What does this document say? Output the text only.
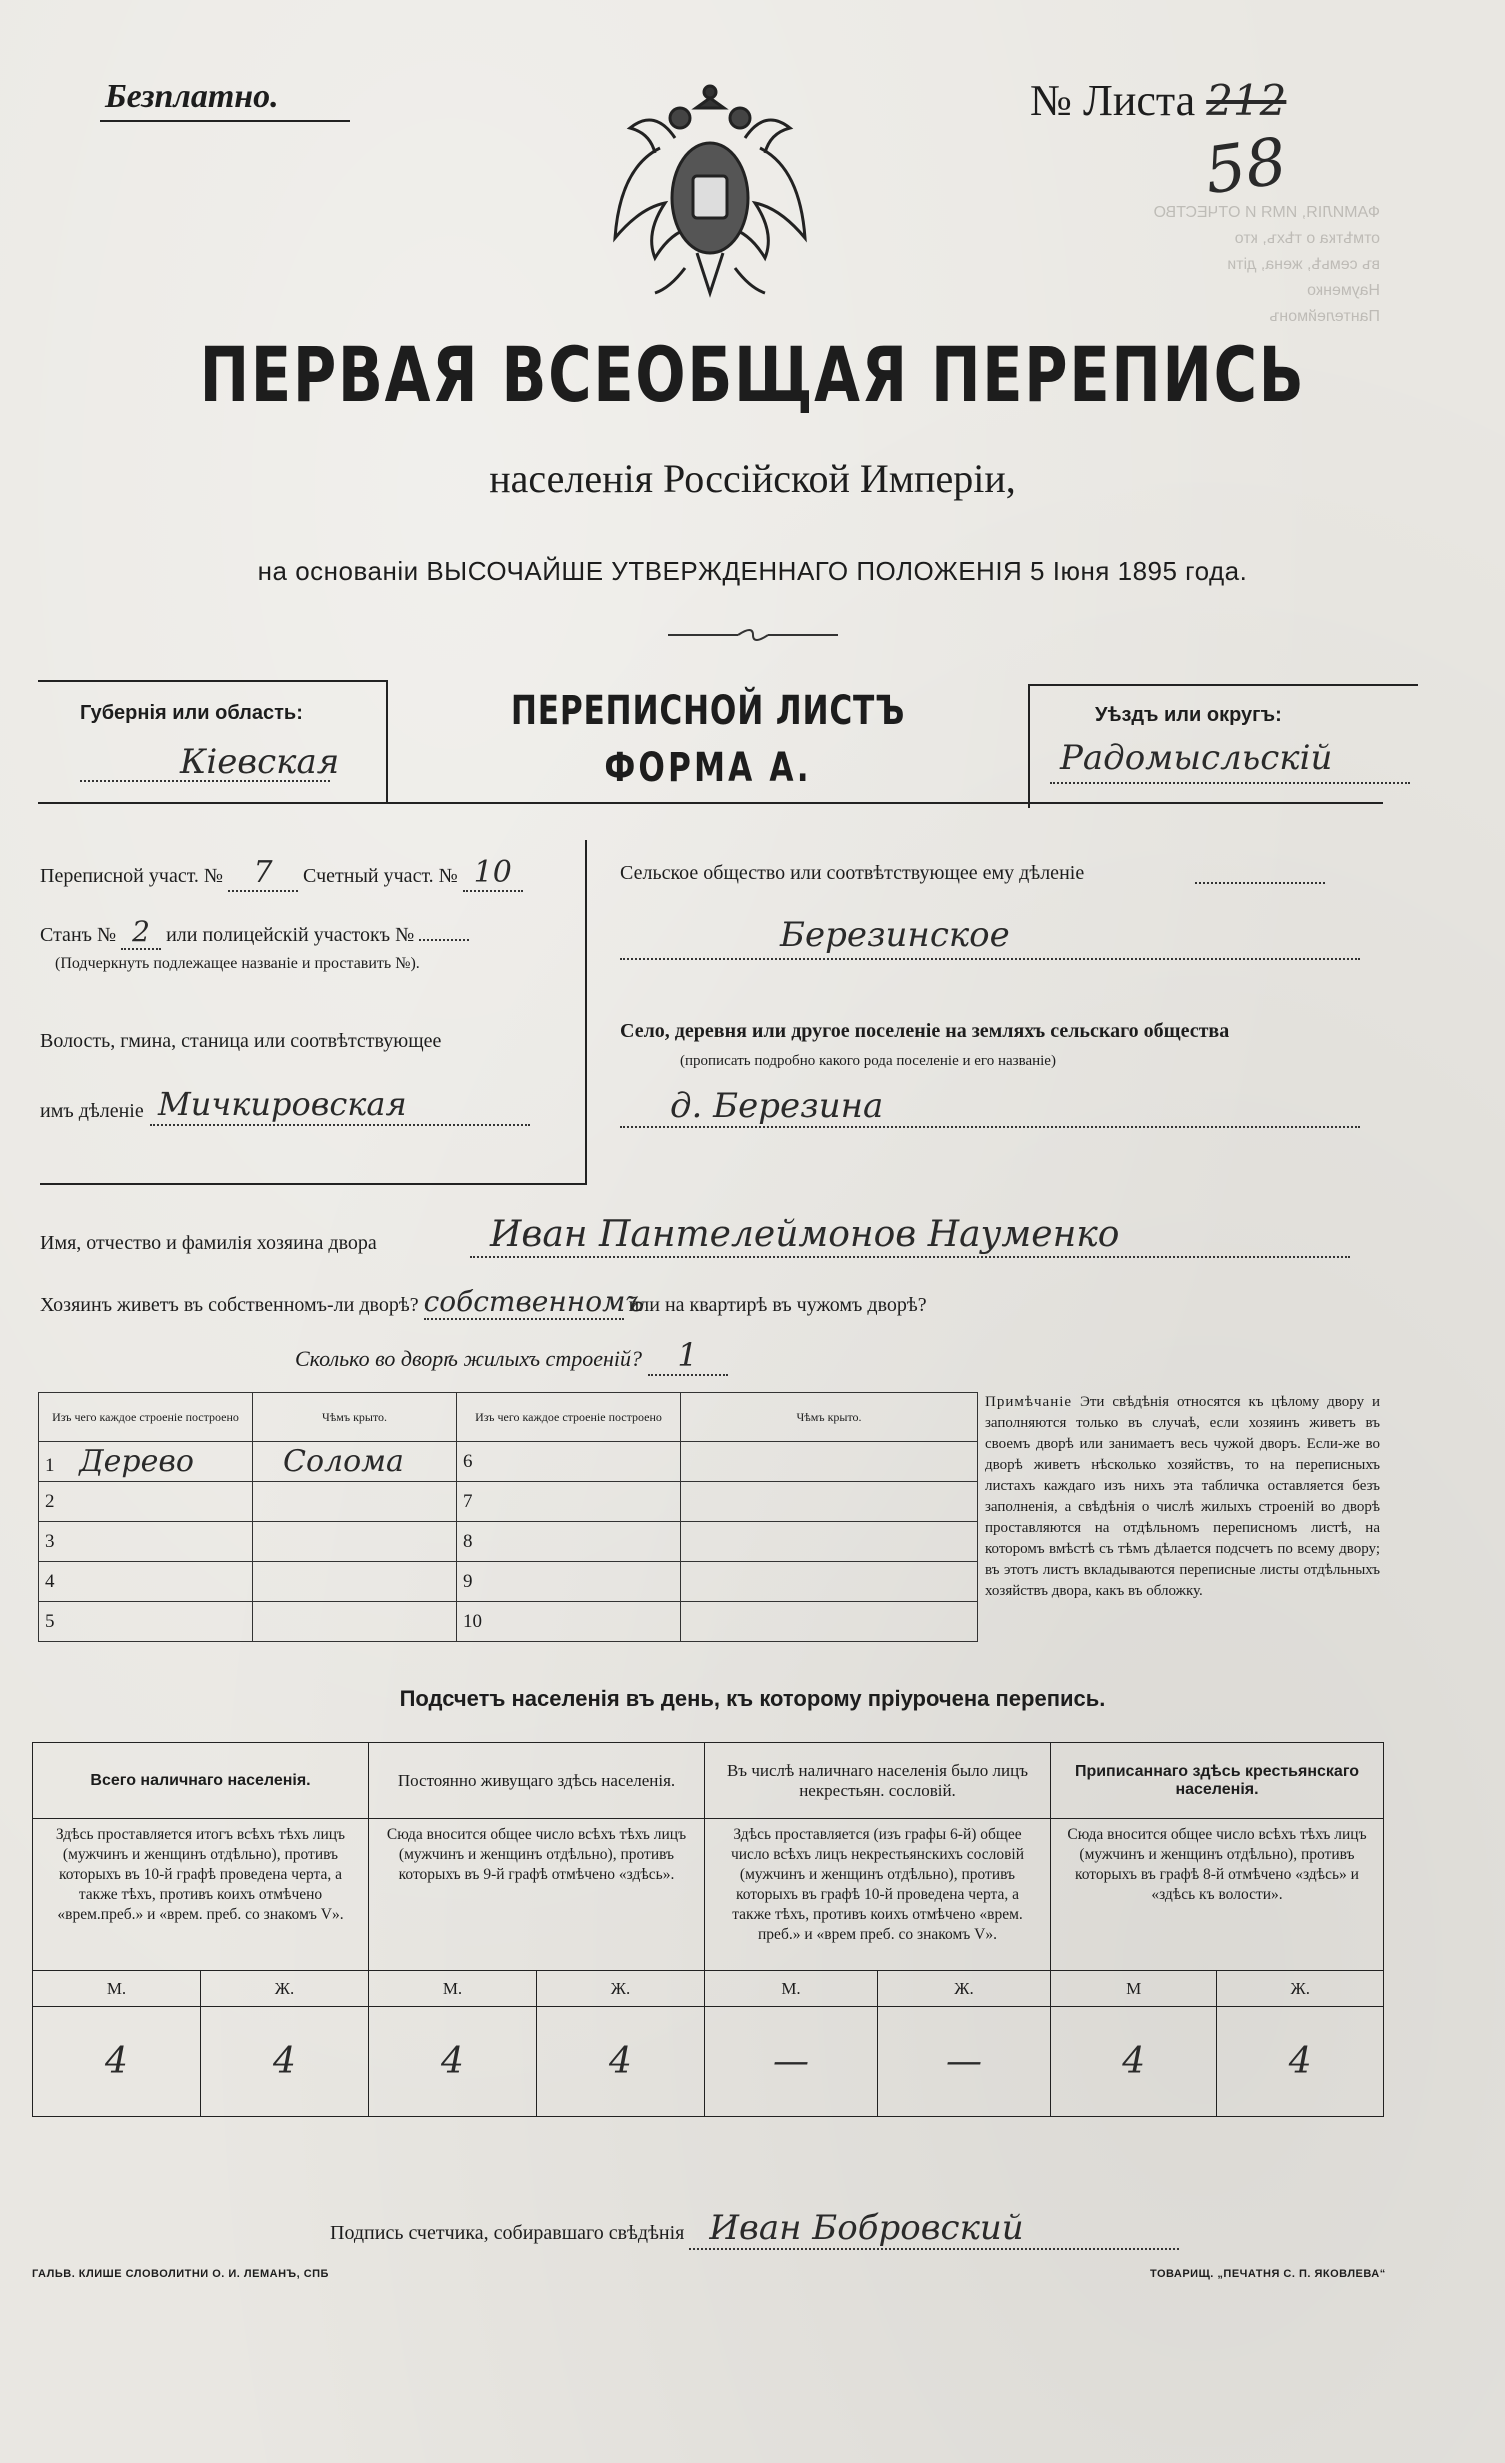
ФАМИЛІЯ, ИМЯ И ОТЧЕСТВО
отмѣтка о тѣхъ, кто
въ семьѣ, жена, діти
Науменко
Пантелеймонъ
Безплатно.	№ Листа 212
58
ПЕРВАЯ ВСЕОБЩАЯ ПЕРЕПИСЬ
населенія Россійской Имперіи,
на основаніи ВЫСОЧАЙШЕ УТВЕРЖДЕННАГО ПОЛОЖЕНІЯ 5 Іюня 1895 года.
Губернія или область:
Кіевская
ПЕРЕПИСНОЙ ЛИСТЪ
ФОРМА А.
Уѣздъ или округъ:
Радомысльскій
Переписной участ. № 7 Счетный участ. № 10
Станъ № 2 или полицейскій участокъ №
(Подчеркнуть подлежащее названіе и проставить №).
Волость, гмина, станица или соотвѣтствующее
имъ дѣленіе Мичкировская
Сельское общество или соотвѣтствующее ему дѣленіе
Березинское
Село, деревня или другое поселеніе на земляхъ сельскаго общества
(прописать подробно какого рода поселеніе и его названіе)
д. Березина
Имя, отчество и фамилія хозяина двора	Иван Пантелеймонов Науменко
Хозяинъ живетъ въ собственномъ-ли дворѣ? собственномъ или на квартирѣ въ чужомъ дворѣ?
Сколько во дворѣ жилыхъ строеній? 1
Изъ чего каждое строеніе построено	Чѣмъ крыто.	Изъ чего каждое строеніе построено	Чѣмъ крыто.
1 Дерево	Солома	6	
2		7	
3		8	
4		9	
5		10	
Примѣчаніе Эти свѣдѣнія относятся къ цѣлому двору и заполняются только въ случаѣ, если хозяинъ живетъ въ своемъ дворѣ или занимаетъ весь чужой дворъ. Если-же во дворѣ живетъ нѣсколько хозяйствъ, то на переписныхъ листахъ каждаго изъ нихъ эта табличка оставляется безъ заполненія, а свѣдѣнія о числѣ жилыхъ строеній во дворѣ проставляются на отдѣльномъ переписномъ листѣ, на которомъ вмѣстѣ съ тѣмъ дѣлается подсчетъ по всему двору; въ этотъ листъ вкладываются переписные листы отдѣльныхъ хозяйствъ двора, какъ въ обложку.
Подсчетъ населенія въ день, къ которому пріурочена перепись.
Всего наличнаго населенія.		Постоянно живущаго здѣсь населенія.		Въ числѣ наличнаго населенія было лицъ некрестьян. сословій.		Приписаннаго здѣсь крестьянскаго населенія.	
Здѣсь проставляется итогъ всѣхъ тѣхъ лицъ (мужчинъ и женщинъ отдѣльно), противъ которыхъ въ 10-й графѣ проведена черта, а также тѣхъ, противъ коихъ отмѣчено «врем.преб.» и «врем. преб. со знакомъ V».		Сюда вносится общее число всѣхъ тѣхъ лицъ (мужчинъ и женщинъ отдѣльно), противъ которыхъ въ 9-й графѣ отмѣчено «здѣсь».		Здѣсь проставляется (изъ графы 6-й) общее число всѣхъ лицъ некрестьянскихъ сословій (мужчинъ и женщинъ отдѣльно), противъ которыхъ въ графѣ 10-й проведена черта, а также тѣхъ, противъ коихъ отмѣчено «врем. преб.» и «врем преб. со знакомъ V».		Сюда вносится общее число всѣхъ тѣхъ лицъ (мужчинъ и женщинъ отдѣльно), противъ которыхъ въ графѣ 8-й отмѣчено «здѣсь» и «здѣсь къ волости».	
М.	Ж.	М.	Ж.	М.	Ж.	М	Ж.
4	4	4	4	—	—	4	4
Подпись счетчика, собиравшаго свѣдѣнія Иван Бобровский
ГАЛЬВ. КЛИШЕ СЛОВОЛИТНИ О. И. ЛЕМАНЪ, СПБ	ТОВАРИЩ. „ПЕЧАТНЯ С. П. ЯКОВЛЕВА“
